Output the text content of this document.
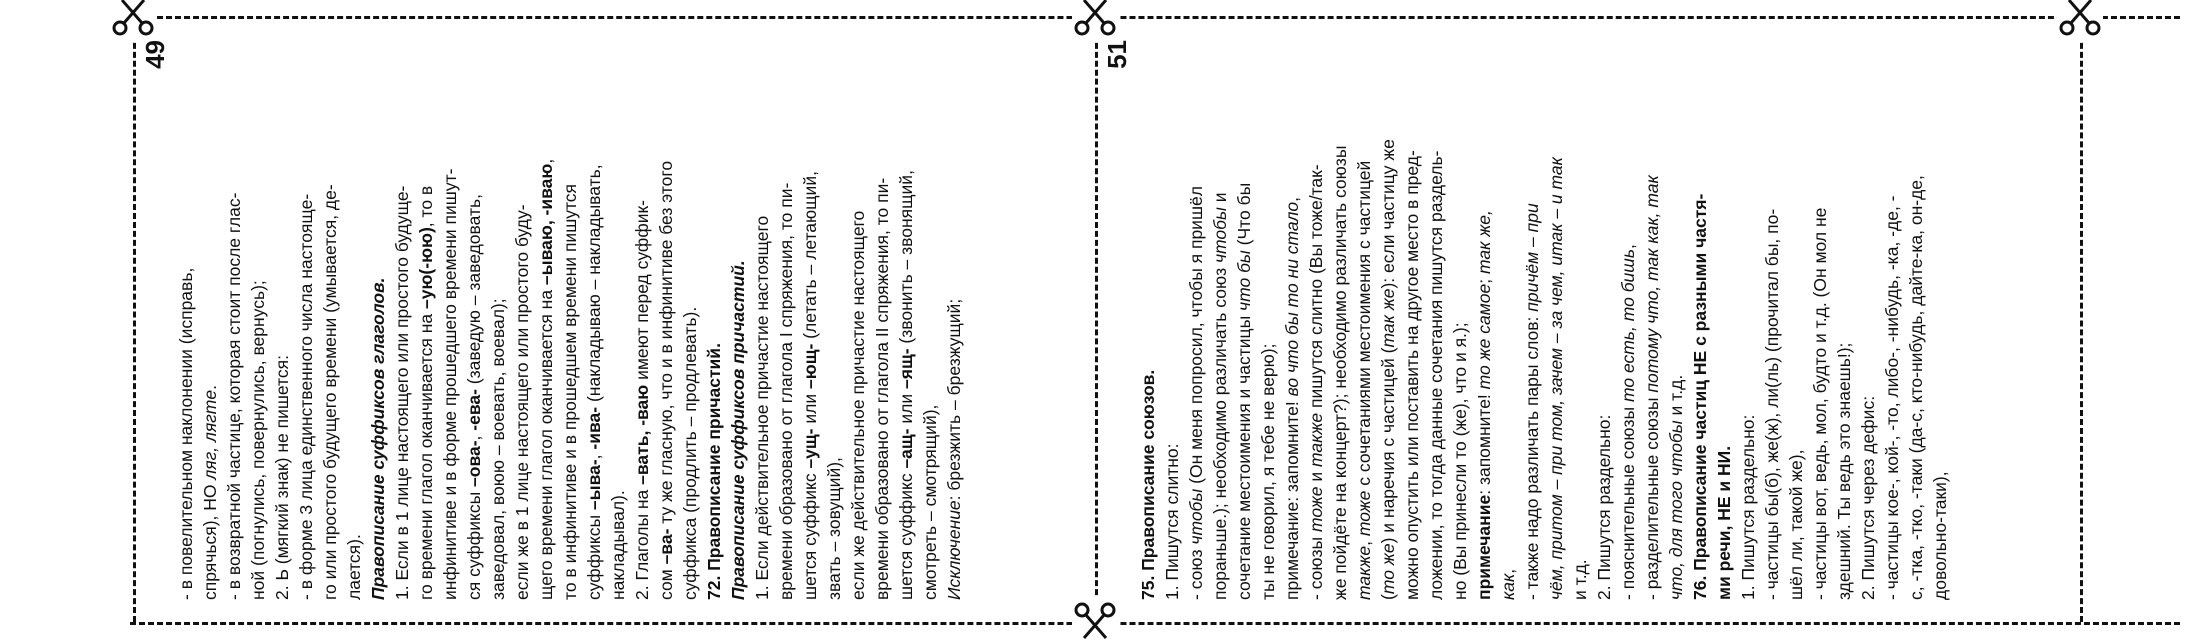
49
- в повелительном наклонении (исправь, спрячься), НО ляг, лягте. - в возвратной частице, которая стоит после глас- ной (погнулись, повернулись, вернусь); 2. Ь (мягкий знак) не пишется: - в форме 3 лица единственного числа настояще- го или простого будущего времени (умывается, де- лается). Правописание суффиксов глаголов. 1. Если в 1 лице настоящего или простого будуще- го времени глагол оканчивается на –ую(-юю), то в инфинитиве и в форме прошедшего времени пишут- ся суффиксы –ова-, -ева- (заведую – заведовать,
заведовал, воюю – воевать, воевал); если же в 1 лице настоящего или простого буду- щего времени глагол оканчивается на –ываю, -иваю,
то в инфинитиве и в прошедшем времени пишутся суффиксы –ыва-, -ива- (накладываю – накладывать,
накладывал). 2. Глаголы на –вать, -ваю имеют перед суффик-
сом –ва- ту же гласную, что и в инфинитиве без этого суффикса (продлить – продлевать). 72. Правописание причастий. Правописание суффиксов причастий. 1. Если действительное причастие настоящего времени образовано от глагола I спряжения, то пи- шется суффикс –ущ- или –ющ- (летать – летающий,
звать – зовущий), если же действительное причастие настоящего времени образовано от глагола II спряжения, то пи- шется суффикс –ащ- или –ящ- (звонить – звонящий,
смотреть – смотрящий), Исключение: брезжить – брезжущий;
51
75. Правописание союзов. 1. Пишутся слитно: - союз чтобы (Он меня попросил, чтобы я пришёл пораньше.); необходимо различать союз чтобы и
сочетание местоимения и частицы что бы (Что бы
ты не говорил, я тебе не верю); примечание: запомните! во что бы то ни стало,
- союзы тоже и также пишутся слитно (Вы тоже/так- же пойдёте на концерт?); необходимо различать союзы также, тоже с сочетаниями местоимения с частицей
(то же) и наречия с частицей (так же): если частицу же можно опустить или поставить на другое место в пред- ложении, то тогда данные сочетания пишутся раздель- но (Вы принесли то (же), что и я.); примечание: запомните! то же самое; так же,
как, - также надо различать пары слов: причём – при чём, притом – при том, зачем – за чем, итак – и так и т.д. 2. Пишутся раздельно: - пояснительные союзы то есть, то бишь,
- разделительные союзы потому что, так как, так
что, для того чтобы и т.д. 76. Правописание частиц НЕ с разными частя- ми речи, НЕ и НИ. 1. Пишутся раздельно: - частицы бы(б), же(ж), ли(ль) (прочитал бы, по- шёл ли, такой же), - частицы вот, ведь, мол, будто и т.д. (Он мол не здешний. Ты ведь это знаешь!); 2. Пишутся через дефис: - частицы кое-, кой-, -то, либо-, -нибудь, -ка, -де, - с, -тка, -тко, -таки (да-с, кто-нибудь, дайте-ка, он-де, довольно-таки),
